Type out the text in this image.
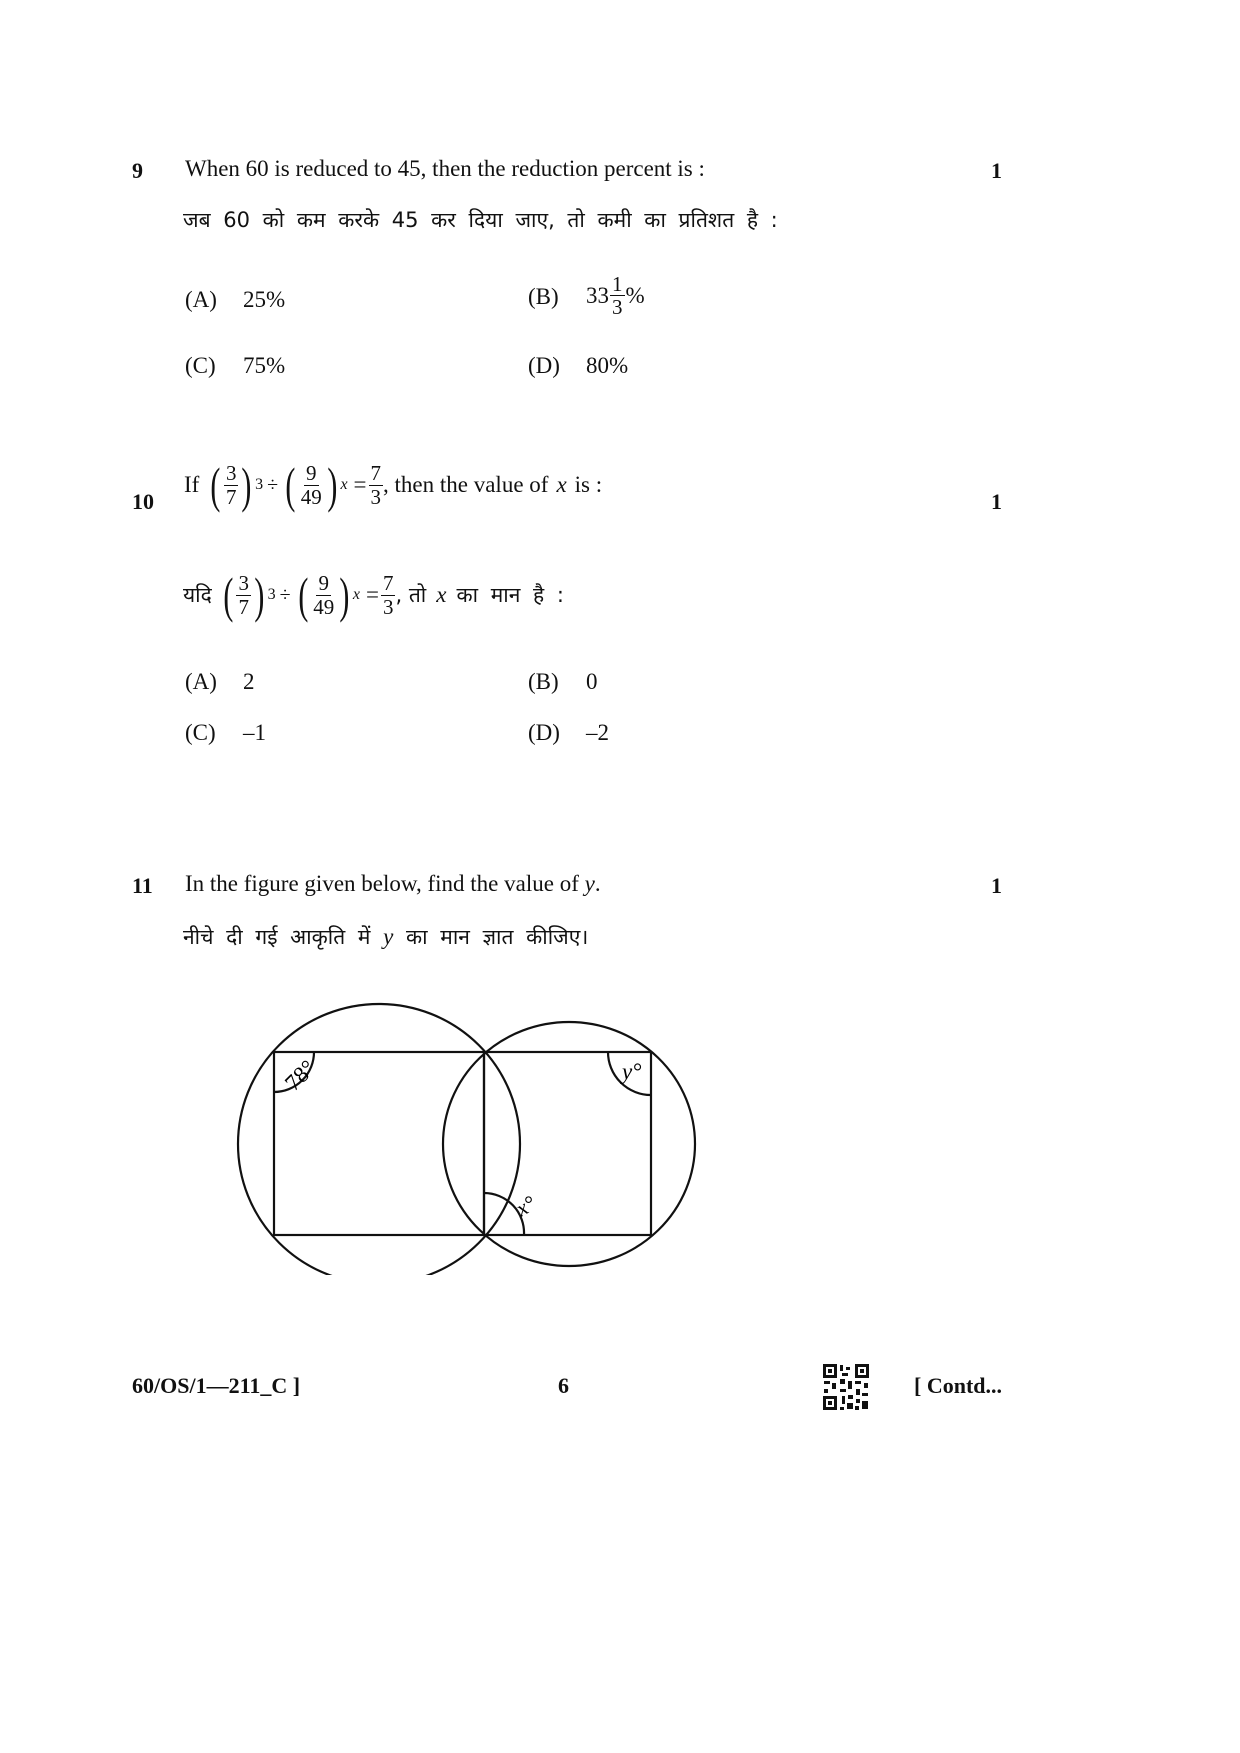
9 When 60 is reduced to 45, then the reduction percent is :	1
जब 60 को कम करके 45 कर दिया जाए, तो कमी का प्रतिशत है :
(A) 25%	(B) $33 \frac{1}{3}$ %
(C) 75%	(D) 80%
10	1
If ( $\frac{3}{7}$ ) 3 ÷ ( $\frac{9}{49}$ ) $x = \frac{7}{3}$ , then the value of x is :
यदि ( $\frac{3}{7}$ ) 3 ÷ ( $\frac{9}{49}$ ) $x = \frac{7}{3}$ , तो x का मान है :
(A) 2	(B) 0
(C) –1	(D) –2
11	1
In the figure given below, find the value of y.
नीचे दी गई आकृति में y का मान ज्ञात कीजिए।
78°	y°
x°
60/OS/1—211_C ]	6	[ Contd...
